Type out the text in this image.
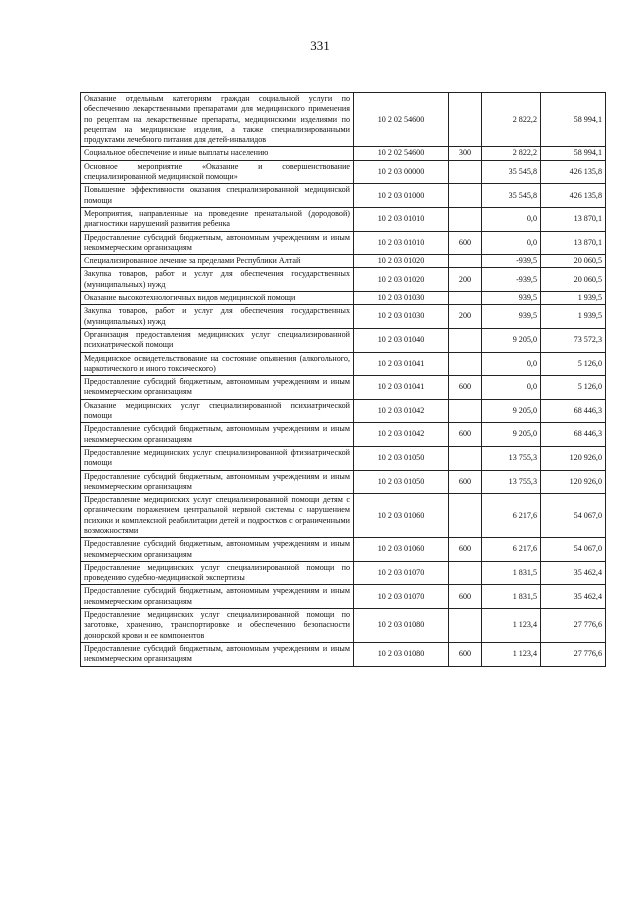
331
Оказание отдельным категориям граждан социальной услуги по обеспечению лекарственными препаратами для медицинского применения по рецептам на лекарственные препараты, медицинскими изделиями по рецептам на медицинские изделия, а также специализированными продуктами лечебного питания для детей-инвалидов	10 2 02 54600		2 822,2	58 994,1
Социальное обеспечение и иные выплаты населению	10 2 02 54600	300	2 822,2	58 994,1
Основное мероприятие «Оказание и совершенствование специализированной медицинской помощи»	10 2 03 00000		35 545,8	426 135,8
Повышение эффективности оказания специализированной медицинской помощи	10 2 03 01000		35 545,8	426 135,8
Мероприятия, направленные на проведение пренатальной (дородовой) диагностики нарушений развития ребенка	10 2 03 01010		0,0	13 870,1
Предоставление субсидий бюджетным, автономным учреждениям и иным некоммерческим организациям	10 2 03 01010	600	0,0	13 870,1
Специализированное лечение за пределами Республики Алтай	10 2 03 01020		-939,5	20 060,5
Закупка товаров, работ и услуг для обеспечения государственных (муниципальных) нужд	10 2 03 01020	200	-939,5	20 060,5
Оказание высокотехнологичных видов медицинской помощи	10 2 03 01030		939,5	1 939,5
Закупка товаров, работ и услуг для обеспечения государственных (муниципальных) нужд	10 2 03 01030	200	939,5	1 939,5
Организация предоставления медицинских услуг специализированной психиатрической помощи	10 2 03 01040		9 205,0	73 572,3
Медицинское освидетельствование на состояние опьянения (алкогольного, наркотического и иного токсического)	10 2 03 01041		0,0	5 126,0
Предоставление субсидий бюджетным, автономным учреждениям и иным некоммерческим организациям	10 2 03 01041	600	0,0	5 126,0
Оказание медицинских услуг специализированной психиатрической помощи	10 2 03 01042		9 205,0	68 446,3
Предоставление субсидий бюджетным, автономным учреждениям и иным некоммерческим организациям	10 2 03 01042	600	9 205,0	68 446,3
Предоставление медицинских услуг специализированной фтизиатрической помощи	10 2 03 01050		13 755,3	120 926,0
Предоставление субсидий бюджетным, автономным учреждениям и иным некоммерческим организациям	10 2 03 01050	600	13 755,3	120 926,0
Предоставление медицинских услуг специализированной помощи детям с органическим поражением центральной нервной системы с нарушением психики и комплексной реабилитации детей и подростков с ограниченными возможностями	10 2 03 01060		6 217,6	54 067,0
Предоставление субсидий бюджетным, автономным учреждениям и иным некоммерческим организациям	10 2 03 01060	600	6 217,6	54 067,0
Предоставление медицинских услуг специализированной помощи по проведению судебно-медицинской экспертизы	10 2 03 01070		1 831,5	35 462,4
Предоставление субсидий бюджетным, автономным учреждениям и иным некоммерческим организациям	10 2 03 01070	600	1 831,5	35 462,4
Предоставление медицинских услуг специализированной помощи по заготовке, хранению, транспортировке и обеспечению безопасности донорской крови и ее компонентов	10 2 03 01080		1 123,4	27 776,6
Предоставление субсидий бюджетным, автономным учреждениям и иным некоммерческим организациям	10 2 03 01080	600	1 123,4	27 776,6
